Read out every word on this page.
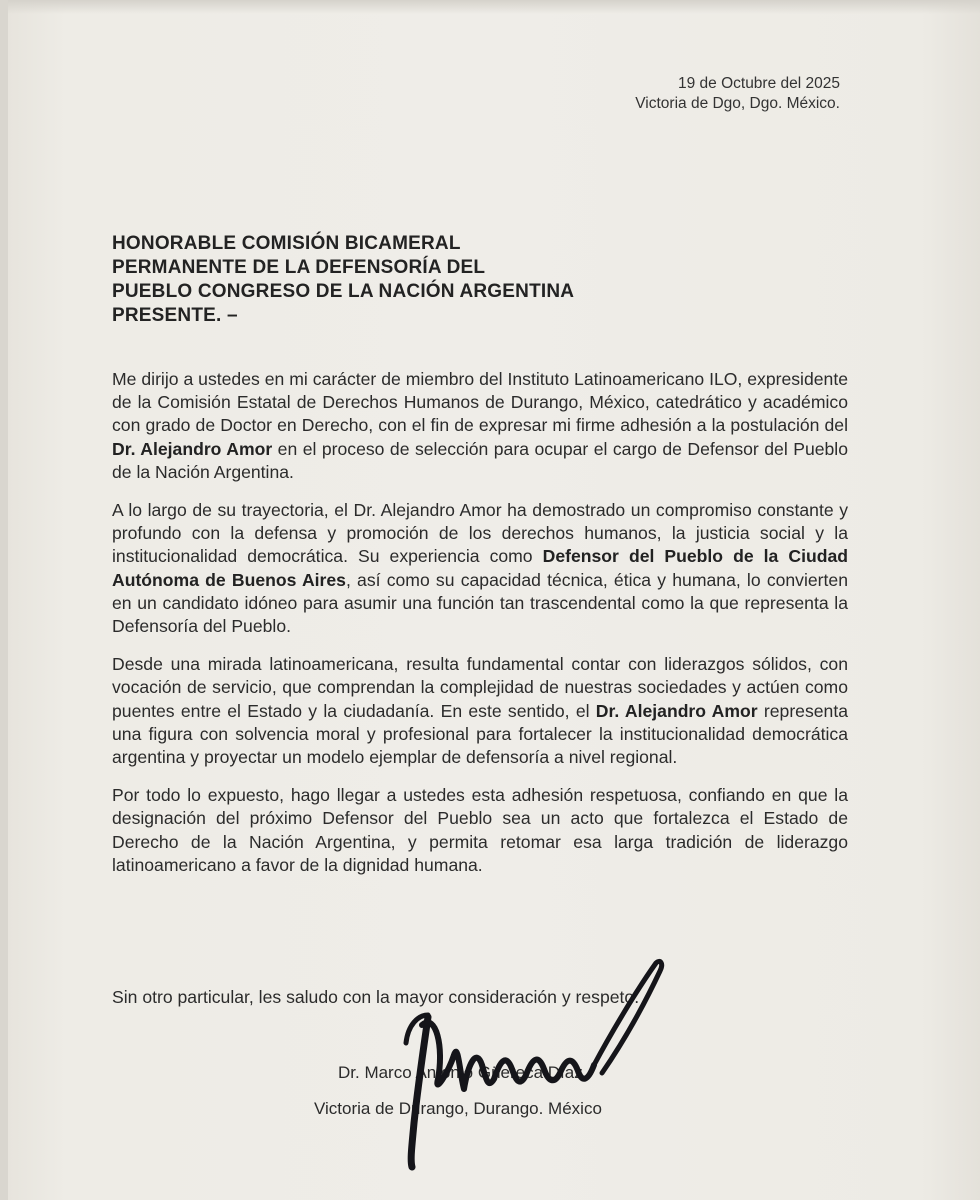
19 de Octubre del 2025
Victoria de Dgo, Dgo. México.
HONORABLE COMISIÓN BICAMERAL
PERMANENTE DE LA DEFENSORÍA DEL
PUEBLO CONGRESO DE LA NACIÓN ARGENTINA
PRESENTE. –

Me dirijo a ustedes en mi carácter de miembro del Instituto Latinoamericano ILO, expresidente de la Comisión Estatal de Derechos Humanos de Durango, México, catedrático y académico con grado de Doctor en Derecho, con el fin de expresar mi firme adhesión a la postulación del Dr. Alejandro Amor en el proceso de selección para ocupar el cargo de Defensor del Pueblo de la Nación Argentina.

A lo largo de su trayectoria, el Dr. Alejandro Amor ha demostrado un compromiso constante y profundo con la defensa y promoción de los derechos humanos, la justicia social y la institucionalidad democrática. Su experiencia como Defensor del Pueblo de la Ciudad Autónoma de Buenos Aires, así como su capacidad técnica, ética y humana, lo convierten en un candidato idóneo para asumir una función tan trascendental como la que representa la Defensoría del Pueblo.

Desde una mirada latinoamericana, resulta fundamental contar con liderazgos sólidos, con vocación de servicio, que comprendan la complejidad de nuestras sociedades y actúen como puentes entre el Estado y la ciudadanía. En este sentido, el Dr. Alejandro Amor representa una figura con solvencia moral y profesional para fortalecer la institucionalidad democrática argentina y proyectar un modelo ejemplar de defensoría a nivel regional.

Por todo lo expuesto, hago llegar a ustedes esta adhesión respetuosa, confiando en que la designación del próximo Defensor del Pueblo sea un acto que fortalezca el Estado de Derecho de la Nación Argentina, y permita retomar esa larga tradición de liderazgo latinoamericano a favor de la dignidad humana.

Sin otro particular, les saludo con la mayor consideración y respeto.
Dr. Marco Antonio Güereca Díaz
Victoria de Durango, Durango. México
